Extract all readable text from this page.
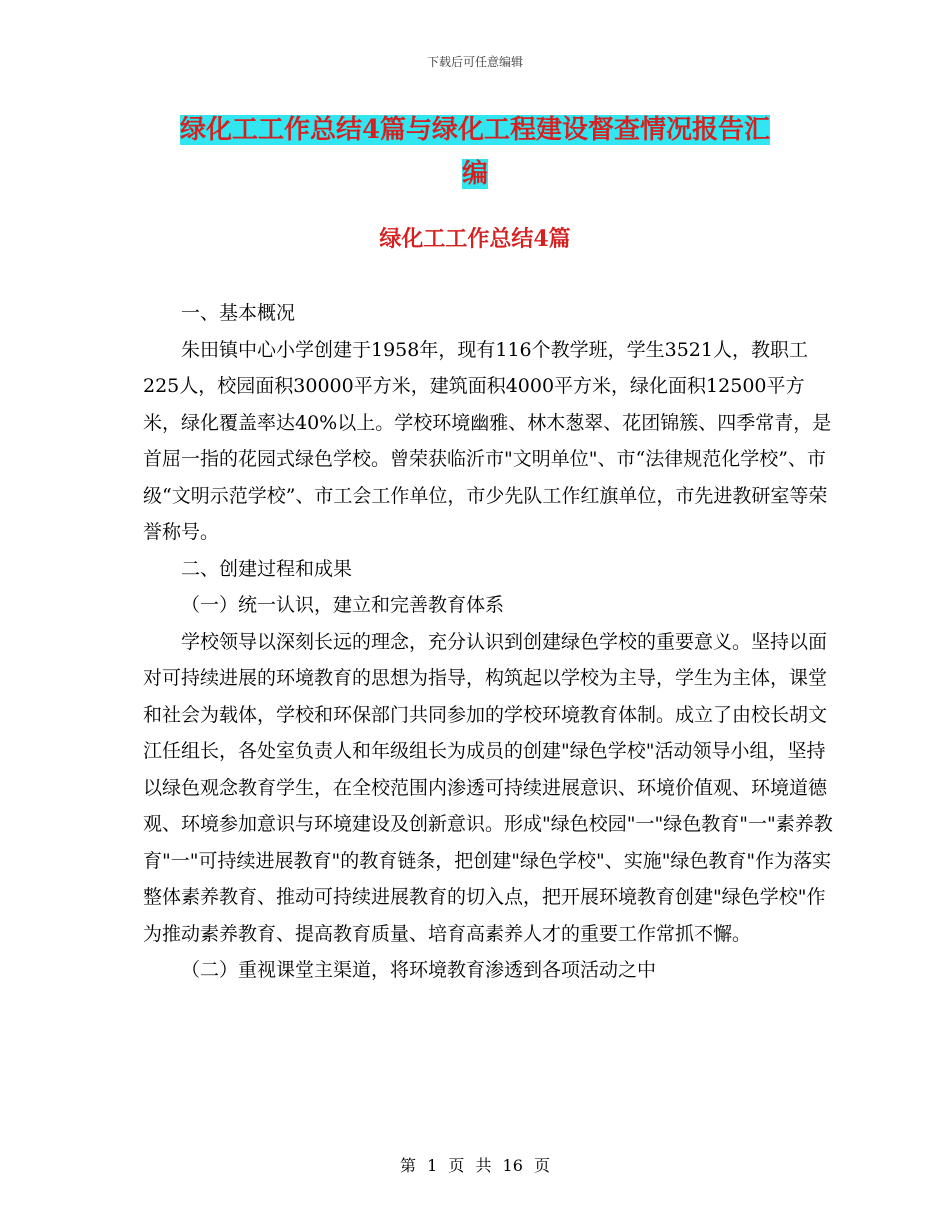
下载后可任意编辑
绿化工工作总结4篇与绿化工程建设督查情况报告汇
编
绿化工工作总结4篇

一、基本概况

朱田镇中心小学创建于1958年，现有116个教学班，学生3521人，教职工225人，校园面积30000平方米，建筑面积4000平方米，绿化面积12500平方米，绿化覆盖率达40%以上。学校环境幽雅、林木葱翠、花团锦簇、四季常青，是首屈一指的花园式绿色学校。曾荣获临沂市"文明单位"、市“法律规范化学校”、市级“文明示范学校”、市工会工作单位，市少先队工作红旗单位，市先进教研室等荣誉称号。

二、创建过程和成果

（一）统一认识，建立和完善教育体系

学校领导以深刻长远的理念，充分认识到创建绿色学校的重要意义。坚持以面对可持续进展的环境教育的思想为指导，构筑起以学校为主导，学生为主体，课堂和社会为载体，学校和环保部门共同参加的学校环境教育体制。成立了由校长胡文江任组长，各处室负责人和年级组长为成员的创建"绿色学校"活动领导小组，坚持以绿色观念教育学生，在全校范围内渗透可持续进展意识、环境价值观、环境道德观、环境参加意识与环境建设及创新意识。形成"绿色校园"一"绿色教育"一"素养教育"一"可持续进展教育"的教育链条，把创建"绿色学校"、实施"绿色教育"作为落实整体素养教育、推动可持续进展教育的切入点，把开展环境教育创建"绿色学校"作为推动素养教育、提高教育质量、培育高素养人才的重要工作常抓不懈。

（二）重视课堂主渠道，将环境教育渗透到各项活动之中

第 1 页 共 16 页
